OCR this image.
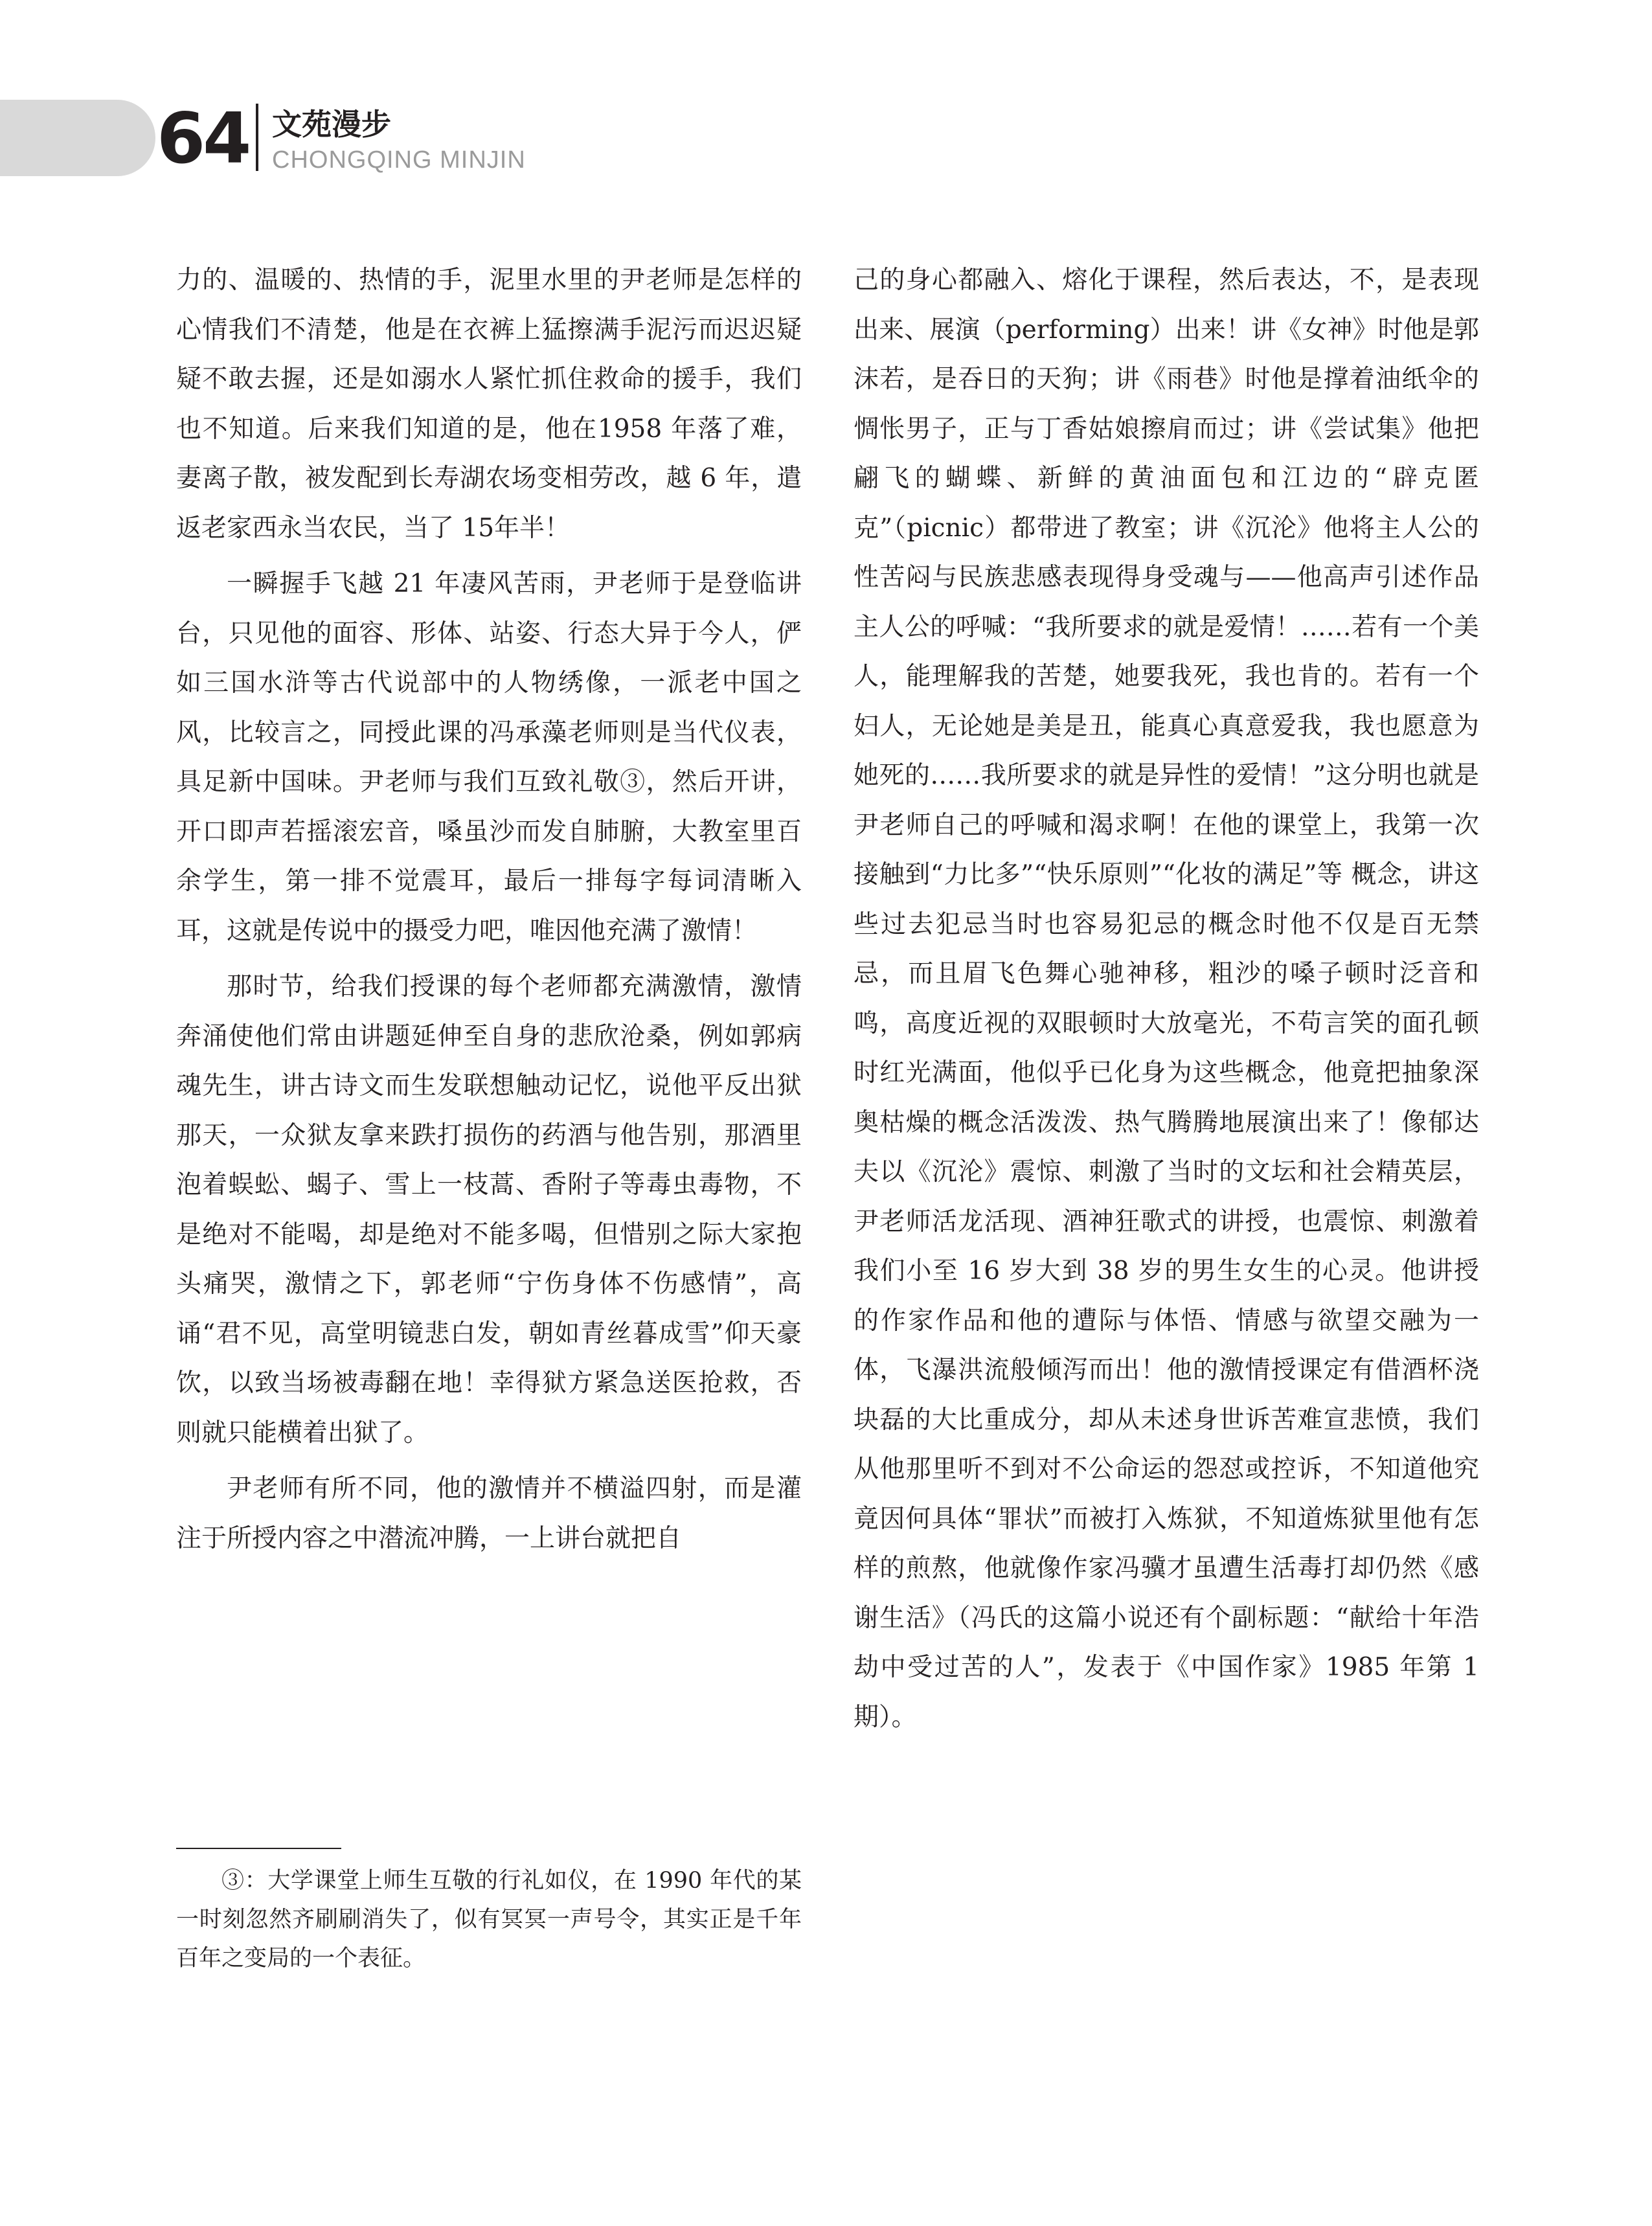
64 文苑漫步
CHONGQING MINJIN

力的、温暖的、热情的手，泥里水里的尹老师是怎样的心情我们不清楚，他是在衣裤上猛擦满手泥污而迟迟疑疑不敢去握，还是如溺水人紧忙抓住救命的援手，我们也不知道。后来我们知道的是，他在1958 年落了难，妻离子散，被发配到长寿湖农场变相劳改，越 6 年，遣返老家西永当农民，当了 15年半！

一瞬握手飞越 21 年凄风苦雨，尹老师于是登临讲台，只见他的面容、形体、站姿、行态大异于今人，俨如三国水浒等古代说部中的人物绣像，一派老中国之风，比较言之，同授此课的冯承藻老师则是当代仪表，具足新中国味。尹老师与我们互致礼敬③，然后开讲，开口即声若摇滚宏音，嗓虽沙而发自肺腑，大教室里百余学生，第一排不觉震耳，最后一排每字每词清晰入耳，这就是传说中的摄受力吧，唯因他充满了激情！

那时节，给我们授课的每个老师都充满激情，激情奔涌使他们常由讲题延伸至自身的悲欣沧桑，例如郭病魂先生，讲古诗文而生发联想触动记忆，说他平反出狱那天，一众狱友拿来跌打损伤的药酒与他告别，那酒里泡着蜈蚣、蝎子、雪上一枝蒿、香附子等毒虫毒物，不是绝对不能喝，却是绝对不能多喝，但惜别之际大家抱头痛哭，激情之下，郭老师“宁伤身体不伤感情”，高诵“君不见，高堂明镜悲白发，朝如青丝暮成雪”仰天豪饮，以致当场被毒翻在地！幸得狱方紧急送医抢救，否则就只能横着出狱了。

尹老师有所不同，他的激情并不横溢四射，而是灌注于所授内容之中潜流冲腾，一上讲台就把自

己的身心都融入、熔化于课程，然后表达，不，是表现出来、展演（performing）出来！讲《女神》时他是郭沫若，是吞日的天狗；讲《雨巷》时他是撑着油纸伞的惆怅男子，正与丁香姑娘擦肩而过；讲《尝试集》他把翩飞的蝴蝶、新鲜的黄油面包和江边的“辟克匿克”（picnic）都带进了教室；讲《沉沦》他将主人公的性苦闷与民族悲感表现得身受魂与——他高声引述作品主人公的呼喊：“我所要求的就是爱情！……若有一个美人，能理解我的苦楚，她要我死，我也肯的。若有一个妇人，无论她是美是丑，能真心真意爱我，我也愿意为她死的……我所要求的就是异性的爱情！”这分明也就是尹老师自己的呼喊和渴求啊！在他的课堂上，我第一次接触到“力比多”“快乐原则”“化妆的满足”等 概念，讲这些过去犯忌当时也容易犯忌的概念时他不仅是百无禁忌，而且眉飞色舞心驰神移，粗沙的嗓子顿时泛音和鸣，高度近视的双眼顿时大放毫光，不苟言笑的面孔顿时红光满面，他似乎已化身为这些概念，他竟把抽象深奥枯燥的概念活泼泼、热气腾腾地展演出来了！像郁达夫以《沉沦》震惊、刺激了当时的文坛和社会精英层，尹老师活龙活现、酒神狂歌式的讲授，也震惊、刺激着我们小至 16 岁大到 38 岁的男生女生的心灵。他讲授的作家作品和他的遭际与体悟、情感与欲望交融为一体，飞瀑洪流般倾泻而出！他的激情授课定有借酒杯浇块磊的大比重成分，却从未述身世诉苦难宣悲愤，我们从他那里听不到对不公命运的怨怼或控诉，不知道他究竟因何具体“罪状”而被打入炼狱，不知道炼狱里他有怎样的煎熬，他就像作家冯骥才虽遭生活毒打却仍然《感谢生活》（冯氏的这篇小说还有个副标题：“献给十年浩劫中受过苦的人”，发表于《中国作家》1985 年第 1 期）。

③：大学课堂上师生互敬的行礼如仪，在 1990 年代的某一时刻忽然齐刷刷消失了，似有冥冥一声号令，其实正是千年百年之变局的一个表征。
